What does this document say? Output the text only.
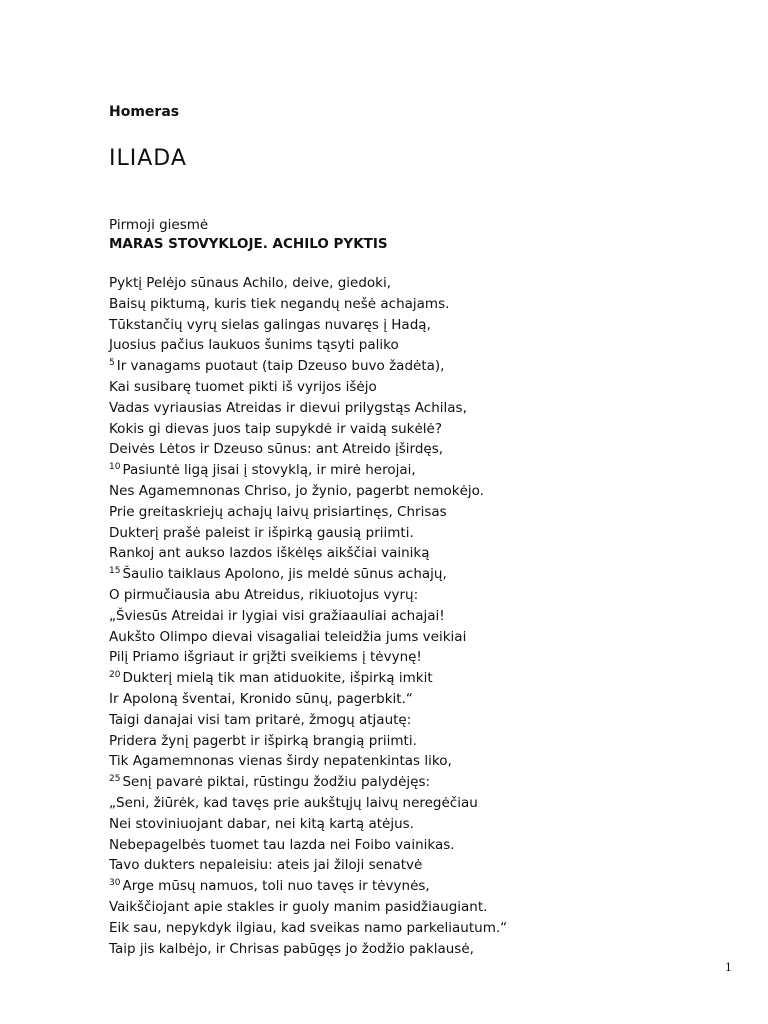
Homeras

ILIADA

Pirmoji giesmė

MARAS STOVYKLOJE. ACHILO PYKTIS

Pyktį Pelėjo sūnaus Achilo, deive, giedoki,
Baisų piktumą, kuris tiek negandų nešė achajams.
Tūkstančių vyrų sielas galingas nuvaręs į Hadą,
Juosius pačius laukuos šunims tąsyti paliko
$^5$ Ir vanagams puotaut (taip Dzeuso buvo žadėta),
Kai susibarę tuomet pikti iš vyrijos išėjo
Vadas vyriausias Atreidas ir dievui prilygstąs Achilas,
Kokis gi dievas juos taip supykdė ir vaidą sukėlė?
Deivės Lėtos ir Dzeuso sūnus: ant Atreido įširdęs,
$^{10}$ Pasiuntė ligą jisai į stovyklą, ir mirė herojai,
Nes Agamemnonas Chriso, jo žynio, pagerbt nemokėjo.
Prie greitaskriejų achajų laivų prisiartinęs, Chrisas
Dukterį prašė paleist ir išpirką gausią priimti.
Rankoj ant aukso lazdos iškėlęs aikščiai vainiką
$^{15}$ Šaulio taiklaus Apolono, jis meldė sūnus achajų,
O pirmučiausia abu Atreidus, rikiuotojus vyrų:
„Šviesūs Atreidai ir lygiai visi gražiaauliai achajai!
Aukšto Olimpo dievai visagaliai teleidžia jums veikiai
Pilį Priamo išgriaut ir grįžti sveikiems į tėvynę!
$^{20}$ Dukterį mielą tik man atiduokite, išpirką imkit
Ir Apoloną šventai, Kronido sūnų, pagerbkit.“
Taigi danajai visi tam pritarė, žmogų atjautę:
Pridera žynį pagerbt ir išpirką brangią priimti.
Tik Agamemnonas vienas širdy nepatenkintas liko,
$^{25}$ Senį pavarė piktai, rūstingu žodžiu palydėjęs:
„Seni, žiūrėk, kad tavęs prie aukštųjų laivų neregėčiau
Nei stoviniuojant dabar, nei kitą kartą atėjus.
Nebepagelbės tuomet tau lazda nei Foibo vainikas.
Tavo dukters nepaleisiu: ateis jai žiloji senatvė
$^{30}$ Arge mūsų namuos, toli nuo tavęs ir tėvynės,
Vaikščiojant apie stakles ir guoly manim pasidžiaugiant.
Eik sau, nepykdyk ilgiau, kad sveikas namo parkeliautum.“
Taip jis kalbėjo, ir Chrisas pabūgęs jo žodžio paklausė,

1
